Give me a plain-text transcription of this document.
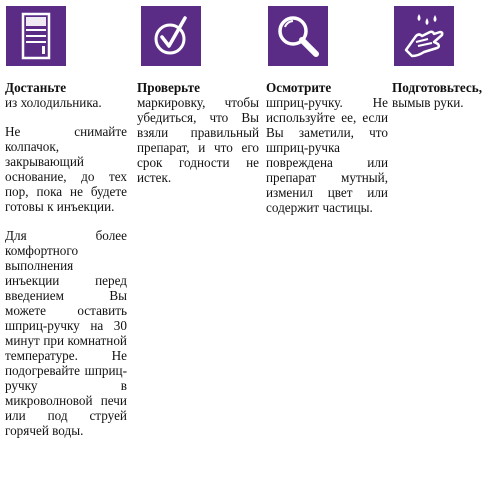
Достаньте

из холодильника.

Не снимайте колпачок, закрывающий основание, до тех пор, пока не будете готовы к инъекции.

Для более комфортного выполнения инъекции перед введением Вы можете оставить шприц-ручку на 30 минут при комнатной температуре. Не подогревайте шприц-ручку в микроволновой печи или под струей горячей воды.

Проверьте

маркировку, чтобы убедиться, что Вы взяли правильный препарат, и что его срок годности не истек.

Осмотрите

шприц-ручку. Не используйте ее, если Вы заметили, что шприц-ручка повреждена или препарат мутный, изменил цвет или содержит частицы.

Подготовьтесь,

вымыв руки.
